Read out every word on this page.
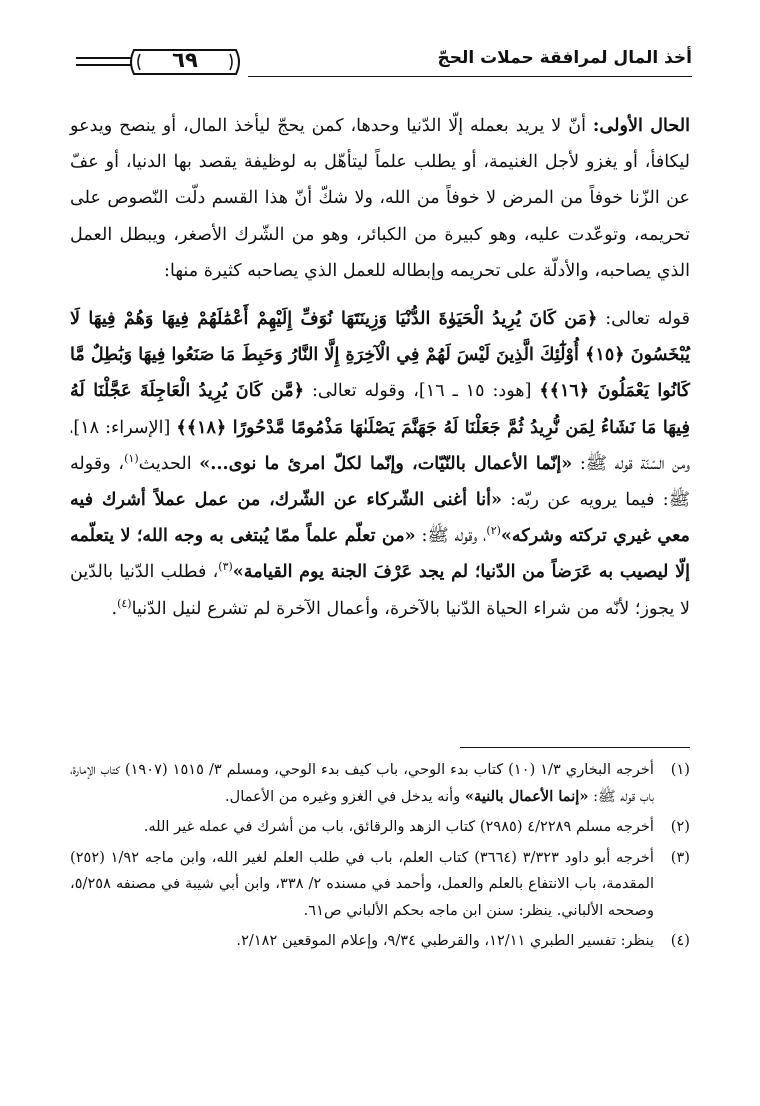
أخذ المال لمرافقة حملات الحجّ
٦٩

الحال الأولى: أنّ لا يريد بعمله إلّا الدّنيا وحدها، كمن يحجّ ليأخذ المال، أو ينصح ويدعو ليكافأ، أو يغزو لأجل الغنيمة، أو يطلب علماً ليتأهّل به لوظيفة يقصد بها الدنيا، أو عفّ عن الزّنا خوفاً من المرض لا خوفاً من الله، ولا شكّ أنّ هذا القسم دلّت النّصوص على تحريمه، وتوعّدت عليه، وهو كبيرة من الكبائر، وهو من الشّرك الأصغر، ويبطل العمل الذي يصاحبه، والأدلّة على تحريمه وإبطاله للعمل الذي يصاحبه كثيرة منها:

قوله تعالى: ﴿مَن كَانَ يُرِيدُ الْحَيَوٰةَ الدُّنْيَا وَزِينَتَهَا نُوَفِّ إِلَيْهِمْ أَعْمَٰلَهُمْ فِيهَا وَهُمْ فِيهَا لَا يُبْخَسُونَ ﴿١٥﴾ أُوْلَٰٓئِكَ الَّذِينَ لَيْسَ لَهُمْ فِي الْآخِرَةِ إِلَّا النَّارُ وَحَبِطَ مَا صَنَعُوا فِيهَا وَبَٰطِلٌ مَّا كَانُوا يَعْمَلُونَ ﴿١٦﴾﴾ [هود: ١٥ ـ ١٦]، وقوله تعالى: ﴿مَّن كَانَ يُرِيدُ الْعَاجِلَةَ عَجَّلْنَا لَهُ فِيهَا مَا نَشَاءُ لِمَن نُّرِيدُ ثُمَّ جَعَلْنَا لَهُ جَهَنَّمَ يَصْلَىٰهَا مَذْمُومًا مَّدْحُورًا ﴿١٨﴾﴾ [الإسراء: ١٨]، ومن السّنّة قوله ﷺ: «إنّما الأعمال بالنّيّات، وإنّما لكلّ امرئ ما نوى...» الحديث$^{(١)}$، وقوله ﷺ: فيما يرويه عن ربّه: «أنا أغنى الشّركاء عن الشّرك، من عمل عملاً أشرك فيه معي غيري تركته وشركه»$^{(٢)}$، وقوله ﷺ: «من تعلّم علماً ممّا يُبتغى به وجه الله؛ لا يتعلّمه إلّا ليصيب به عَرَضاً من الدّنيا؛ لم يجد عَرْفَ الجنة يوم القيامة»$^{(٣)}$، فطلب الدّنيا بالدّين لا يجوز؛ لأنّه من شراء الحياة الدّنيا بالآخرة، وأعمال الآخرة لم تشرع لنيل الدّنيا$^{(٤)}$.

(١)
أخرجه البخاري ١/٣ (١٠) كتاب بدء الوحي، باب كيف بدء الوحي، ومسلم ٣/ ١٥١٥ (١٩٠٧) كتاب الإمارة، باب قوله ﷺ: «إنما الأعمال بالنية» وأنه يدخل في الغزو وغيره من الأعمال.
(٢)
أخرجه مسلم ٤/٢٢٨٩ (٢٩٨٥) كتاب الزهد والرقائق، باب من أشرك في عمله غير الله.
(٣)
أخرجه أبو داود ٣/٣٢٣ (٣٦٦٤) كتاب العلم، باب في طلب العلم لغير الله، وابن ماجه ١/٩٢ (٢٥٢) المقدمة، باب الانتفاع بالعلم والعمل، وأحمد في مسنده ٢/ ٣٣٨، وابن أبي شيبة في مصنفه ٥/٢٥٨، وصححه الألباني. ينظر: سنن ابن ماجه بحكم الألباني ص٦١.
(٤)
ينظر: تفسير الطبري ١٢/١١، والقرطبي ٩/٣٤، وإعلام الموقعين ٢/١٨٢.
